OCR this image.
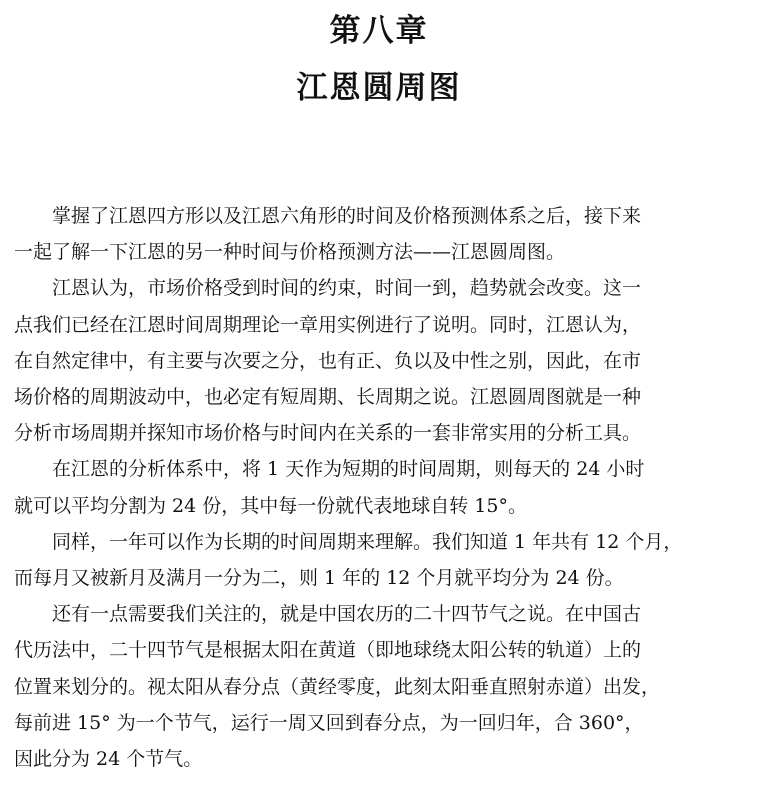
第八章
江恩圆周图

掌握了江恩四方形以及江恩六角形的时间及价格预测体系之后，接下来
一起了解一下江恩的另一种时间与价格预测方法——江恩圆周图。

江恩认为，市场价格受到时间的约束，时间一到，趋势就会改变。这一
点我们已经在江恩时间周期理论一章用实例进行了说明。同时，江恩认为，
在自然定律中，有主要与次要之分，也有正、负以及中性之别，因此，在市
场价格的周期波动中，也必定有短周期、长周期之说。江恩圆周图就是一种
分析市场周期并探知市场价格与时间内在关系的一套非常实用的分析工具。

在江恩的分析体系中，将 1 天作为短期的时间周期，则每天的 24 小时
就可以平均分割为 24 份，其中每一份就代表地球自转 15°。

同样，一年可以作为长期的时间周期来理解。我们知道 1 年共有 12 个月，
而每月又被新月及满月一分为二，则 1 年的 12 个月就平均分为 24 份。

还有一点需要我们关注的，就是中国农历的二十四节气之说。在中国古
代历法中，二十四节气是根据太阳在黄道（即地球绕太阳公转的轨道）上的
位置来划分的。视太阳从春分点（黄经零度，此刻太阳垂直照射赤道）出发，
每前进 15° 为一个节气，运行一周又回到春分点，为一回归年，合 360°，
因此分为 24 个节气。
